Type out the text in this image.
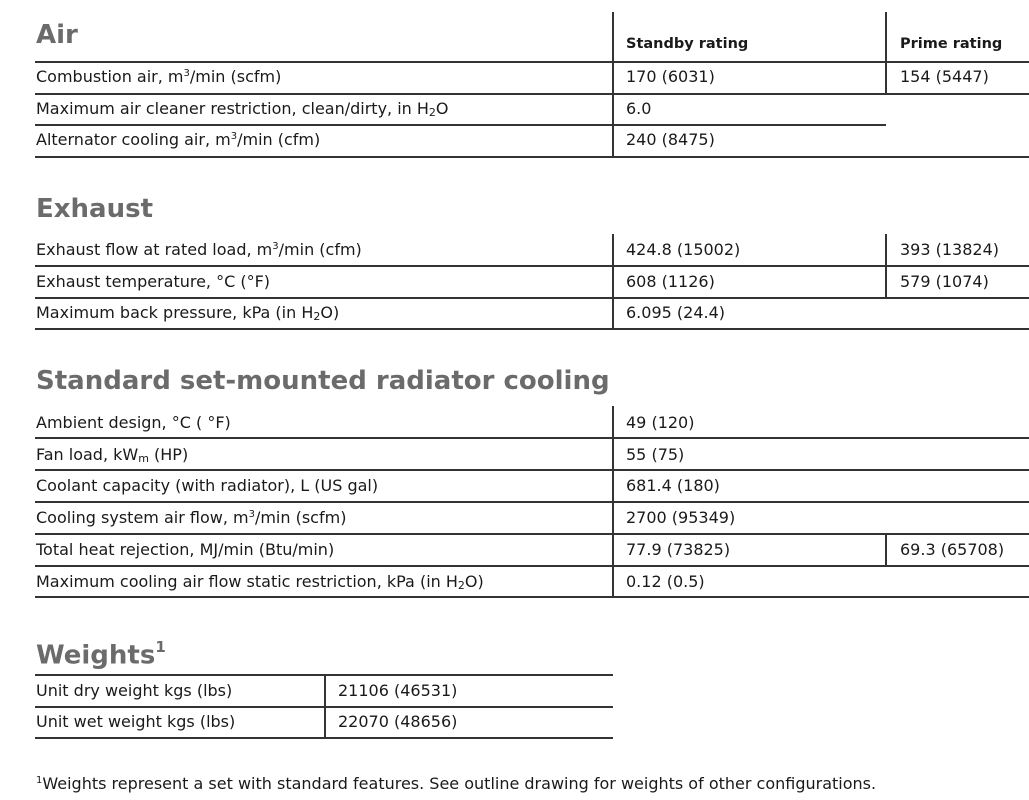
Air	Standby rating	Prime rating
Combustion air, $m^3/\min$ (scfm)	170 (6031)	154 (5447)
Maximum air cleaner restriction, clean/dirty, in $H_2O$	6.0
Alternator cooling air, $m^3/\min$ (cfm)	240 (8475)
Exhaust
Exhaust flow at rated load, $m^3/\min$ (cfm)	424.8 (15002)	393 (13824)
Exhaust temperature, °C (°F)	608 (1126)	579 (1074)
Maximum back pressure, kPa (in $H_2O$)	6.095 (24.4)
Standard set-mounted radiator cooling
Ambient design, °C ( °F)	49 (120)
Fan load, $kW_m$ (HP)	55 (75)
Coolant capacity (with radiator), L (US gal)	681.4 (180)
Cooling system air flow, $m^3/\min$ (scfm)	2700 (95349)
Total heat rejection, MJ/min (Btu/min)	77.9 (73825)	69.3 (65708)
Maximum cooling air flow static restriction, kPa (in $H_2O$)	0.12 (0.5)
Weights$^1$
Unit dry weight kgs (lbs)	21106 (46531)
Unit wet weight kgs (lbs)	22070 (48656)
$^1$Weights represent a set with standard features. See outline drawing for weights of other configurations.
